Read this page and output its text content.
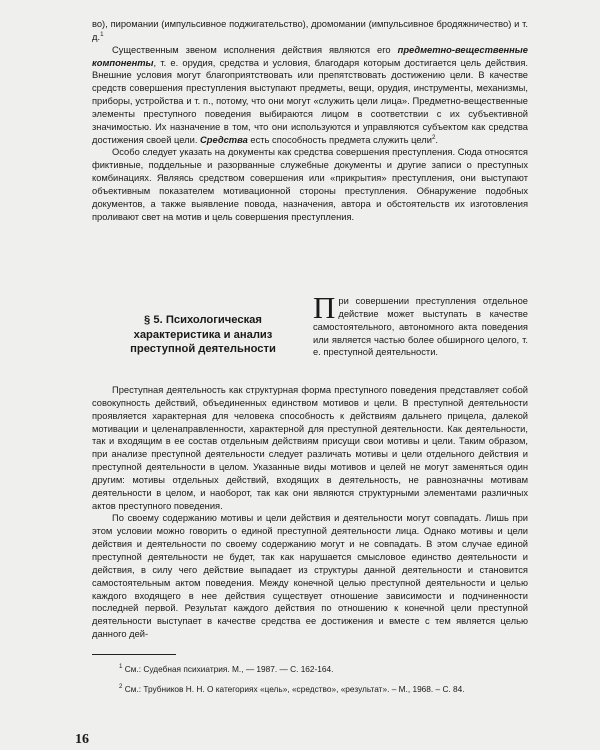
во), пиромании (импульсивное поджигательство), дромомании (импульсивное бродяжничество) и т. д.$^1$

Существенным звеном исполнения действия являются его предметно-вещественные компоненты, т. е. орудия, средства и условия, благодаря которым достигается цель действия. Внешние условия могут благоприятствовать или препятствовать достижению цели. В качестве средств совершения преступления выступают предметы, вещи, орудия, инструменты, механизмы, приборы, устройства и т. п., потому, что они могут «служить цели лица». Предметно-вещественные элементы преступного поведения выбираются лицом в соответствии с их субъективной значимостью. Их назначение в том, что они используются и управляются субъектом как средства достижения своей цели. Средства есть способность предмета служить цели$^2$.

Особо следует указать на документы как средства совершения преступления. Сюда относятся фиктивные, поддельные и разорванные служебные документы и другие записи о преступных комбинациях. Являясь средством совершения или «прикрытия» преступления, они выступают объективным показателем мотивационной стороны преступления. Обнаружение подобных документов, а также выявление повода, назначения, автора и обстоятельств их изготовления проливают свет на мотив и цель совершения преступления.

§ 5. Психологическая характеристика и анализ преступной деятельности

При совершении преступления отдельное действие может выступать в качестве самостоятельного, автономного акта поведения или является частью более обширного целого, т. е. преступной деятельности.

Преступная деятельность как структурная форма преступного поведения представляет собой совокупность действий, объединенных единством мотивов и цели. В преступной деятельности проявляется характерная для человека способность к действиям дальнего прицела, далекой мотивации и целенаправленности, характерной для преступной деятельности. Как деятельности, так и входящим в ее состав отдельным действиям присущи свои мотивы и цели. Таким образом, при анализе преступной деятельности следует различать мотивы и цели отдельного действия и преступной деятельности в целом. Указанные виды мотивов и целей не могут заменяться один другим: мотивы отдельных действий, входящих в деятельность, не равнозначны мотивам деятельности в целом, и наоборот, так как они являются структурными элементами различных актов преступного поведения.

По своему содержанию мотивы и цели действия и деятельности могут совпадать. Лишь при этом условии можно говорить о единой преступной деятельности лица. Однако мотивы и цели действия и деятельности по своему содержанию могут и не совпадать. В этом случае единой преступной деятельности не будет, так как нарушается смысловое единство деятельности и действия, в силу чего действие выпадает из структуры данной деятельности и становится самостоятельным актом поведения. Между конечной целью преступной деятельности и целью каждого входящего в нее действия существует отношение зависимости и подчиненности последней первой. Результат каждого действия по отношению к конечной цели преступной деятельности выступает в качестве средства ее достижения и вместе с тем является целью данного дей-

$^1$ См.: Судебная психиатрия. М., — 1987. — С. 162-164.
$^2$ См.: Трубников Н. Н. О категориях «цель», «средство», «результат». – М., 1968. – С. 84.
16
